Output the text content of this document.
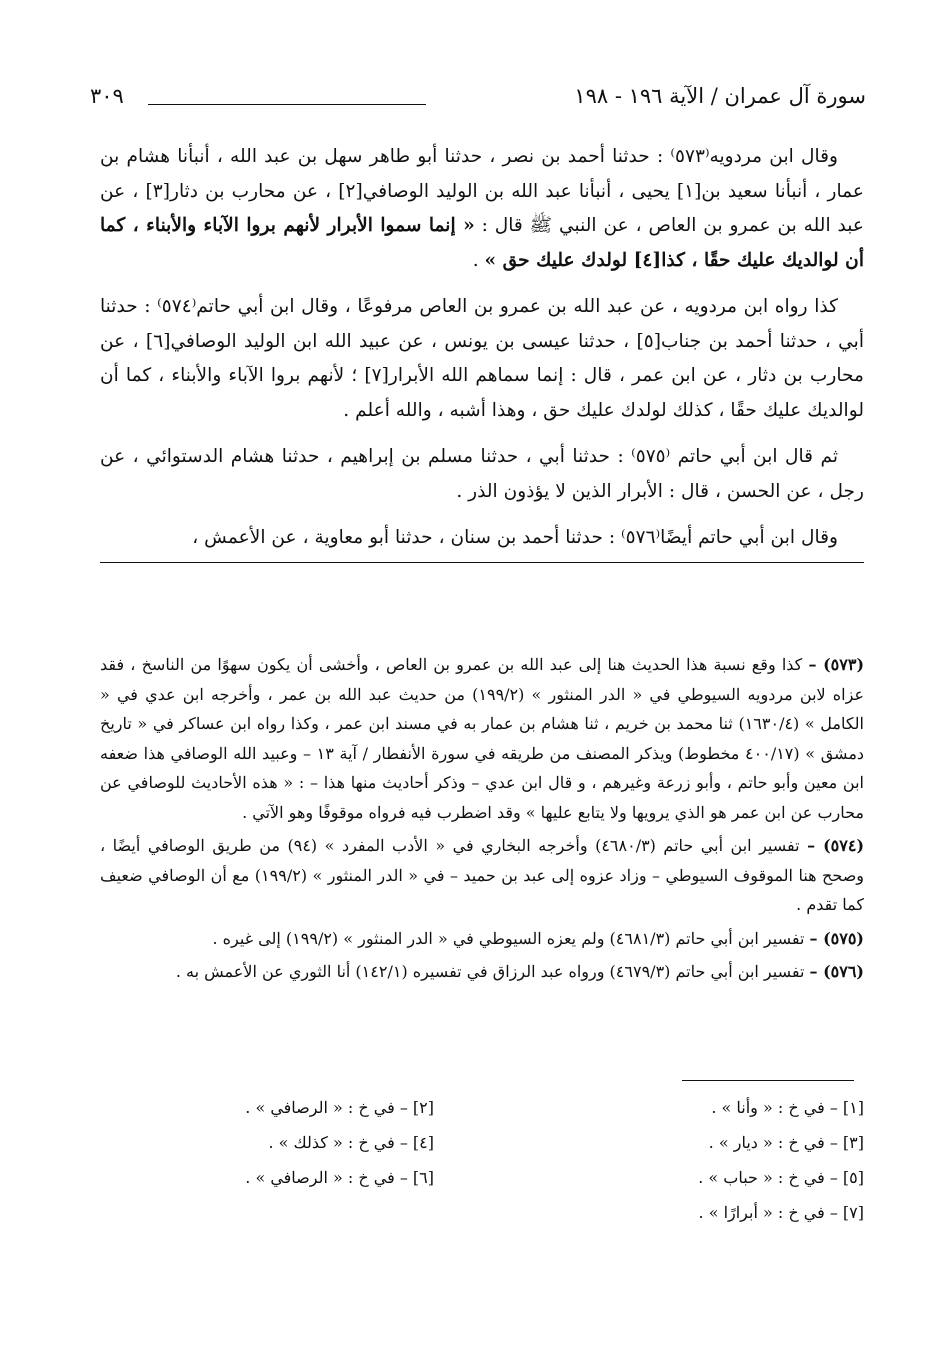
سورة آل عمران / الآية ١٩٦ - ١٩٨
٣٠٩

وقال ابن مردويه⁽٥٧٣⁾ : حدثنا أحمد بن نصر ، حدثنا أبو طاهر سهل بن عبد الله ، أنبأنا هشام بن عمار ، أنبأنا سعيد بن[١] يحيى ، أنبأنا عبد الله بن الوليد الوصافي[٢] ، عن محارب بن دثار[٣] ، عن عبد الله بن عمرو بن العاص ، عن النبي ﷺ قال : « إنما سموا الأبرار لأنهم بروا الآباء والأبناء ، كما أن لوالديك عليك حقًا ، كذا[٤] لولدك عليك حق » .

كذا رواه ابن مردويه ، عن عبد الله بن عمرو بن العاص مرفوعًا ، وقال ابن أبي حاتم⁽٥٧٤⁾ : حدثنا أبي ، حدثنا أحمد بن جناب[٥] ، حدثنا عيسى بن يونس ، عن عبيد الله ابن الوليد الوصافي[٦] ، عن محارب بن دثار ، عن ابن عمر ، قال : إنما سماهم الله الأبرار[٧] ؛ لأنهم بروا الآباء والأبناء ، كما أن لوالديك عليك حقًا ، كذلك لولدك عليك حق ، وهذا أشبه ، والله أعلم .

ثم قال ابن أبي حاتم ⁽٥٧٥⁾ : حدثنا أبي ، حدثنا مسلم بن إبراهيم ، حدثنا هشام الدستوائي ، عن رجل ، عن الحسن ، قال : الأبرار الذين لا يؤذون الذر .

وقال ابن أبي حاتم أيضًا⁽٥٧٦⁾ : حدثنا أحمد بن سنان ، حدثنا أبو معاوية ، عن الأعمش ،

(٥٧٣) – كذا وقع نسبة هذا الحديث هنا إلى عبد الله بن عمرو بن العاص ، وأخشى أن يكون سهوًا من الناسخ ، فقد عزاه لابن مردويه السيوطي في « الدر المنثور » (١٩٩/٢) من حديث عبد الله بن عمر ، وأخرجه ابن عدي في « الكامل » (١٦٣٠/٤) ثنا محمد بن خريم ، ثنا هشام بن عمار به في مسند ابن عمر ، وكذا رواه ابن عساكر في « تاريخ دمشق » (٤٠٠/١٧ مخطوط) ويذكر المصنف من طريقه في سورة الأنفطار / آية ١٣ – وعبيد الله الوصافي هذا ضعفه ابن معين وأبو حاتم ، وأبو زرعة وغيرهم ، و قال ابن عدي – وذكر أحاديث منها هذا – : « هذه الأحاديث للوصافي عن محارب عن ابن عمر هو الذي يرويها ولا يتابع عليها » وقد اضطرب فيه فرواه موقوفًا وهو الآتي .

(٥٧٤) – تفسير ابن أبي حاتم (٤٦٨٠/٣) وأخرجه البخاري في « الأدب المفرد » (٩٤) من طريق الوصافي أيضًا ، وصحح هنا الموقوف السيوطي – وزاد عزوه إلى عبد بن حميد – في « الدر المنثور » (١٩٩/٢) مع أن الوصافي ضعيف كما تقدم .

(٥٧٥) – تفسير ابن أبي حاتم (٤٦٨١/٣) ولم يعزه السيوطي في « الدر المنثور » (١٩٩/٢) إلى غيره .

(٥٧٦) – تفسير ابن أبي حاتم (٤٦٧٩/٣) ورواه عبد الرزاق في تفسيره (١٤٢/١) أنا الثوري عن الأعمش به .

[١] – في خ : « وأنا » .
[٢] – في خ : « الرصافي » .
[٣] – في خ : « ديار » .
[٤] – في خ : « كذلك » .
[٥] – في خ : « حباب » .
[٦] – في خ : « الرصافي » .
[٧] – في خ : « أبرارًا » .
